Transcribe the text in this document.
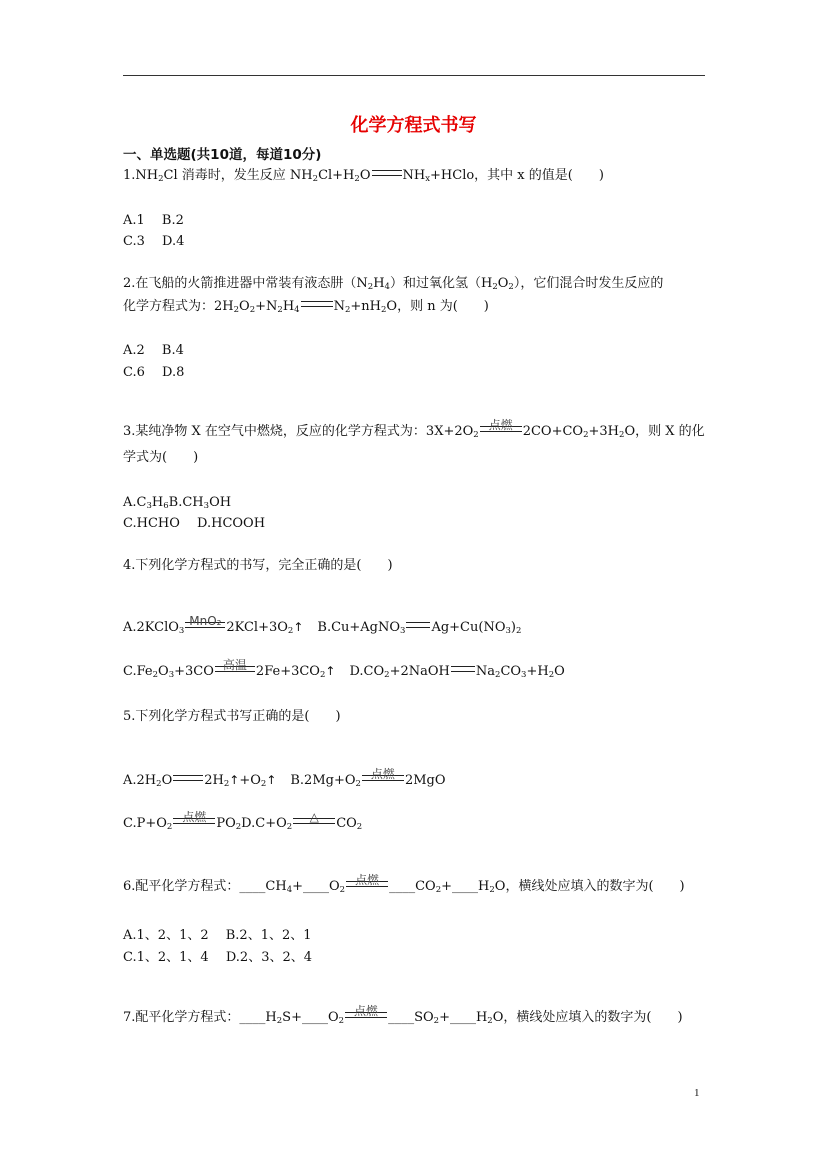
化学方程式书写
一、单选题(共10道，每道10分)
$1.NH_2Cl$ 消毒时，发生反应 $NH_2Cl+H_2O$ $NH_x+HClo$，其中 x 的值是(　　)
A.1　 B.2
C.3　 D.4
2.在飞船的火箭推进器中常装有液态肼$(N_2H_4)$和过氧化氢$(H_2O_2)$，它们混合时发生反应的
化学方程式为：$2H_2O_2+N_2H_4$	$N_2+nH_2O$，则 n 为(　　)
A.2　 B.4
C.6　 D.8
3.某纯净物 X 在空气中燃烧，反应的化学方程式为：$3X+2O_2$
点燃 $2CO+CO_2+3H_2O$，则 X 的化
学式为(　　)
$A.C_3H_6B.CH_3OH$
C.HCHO　 D.HCOOH
4.下列化学方程式的书写，完全正确的是(　　)
A.2KClO$_3$
MnO₂ $2KCl+3O_2↑$ B.Cu+AgNO$_3$ $Ag+Cu(NO_3)_2$
$C.Fe_2O_3+3CO$ 高温 $2Fe+3CO_2↑$ $D.CO_2+2NaOH$ $Na_2CO_3+H_2O$
5.下列化学方程式书写正确的是(　　)
$A.2H_2O$ $2H_2↑+O_2↑$ $B.2Mg+O_2$
点燃 2MgO
$C.P+O_2$
点燃 $PO_2D.C+O_2$
△	$CO_2$
6.配平化学方程式：$\_\_\_\_CH_4+\_\_\_\_O_2$
点燃 $\_\_\_\_CO_2+\_\_\_\_H_2O$，横线处应填入的数字为(　　)
A.1、2、1、2　 B.2、1、2、1
C.1、2、1、4　 D.2、3、2、4
7.配平化学方程式：$\_\_\_\_H_2S+\_\_\_\_O_2$
点燃 $\_\_\_\_SO_2+\_\_\_\_H_2O$，横线处应填入的数字为(　　)
1
